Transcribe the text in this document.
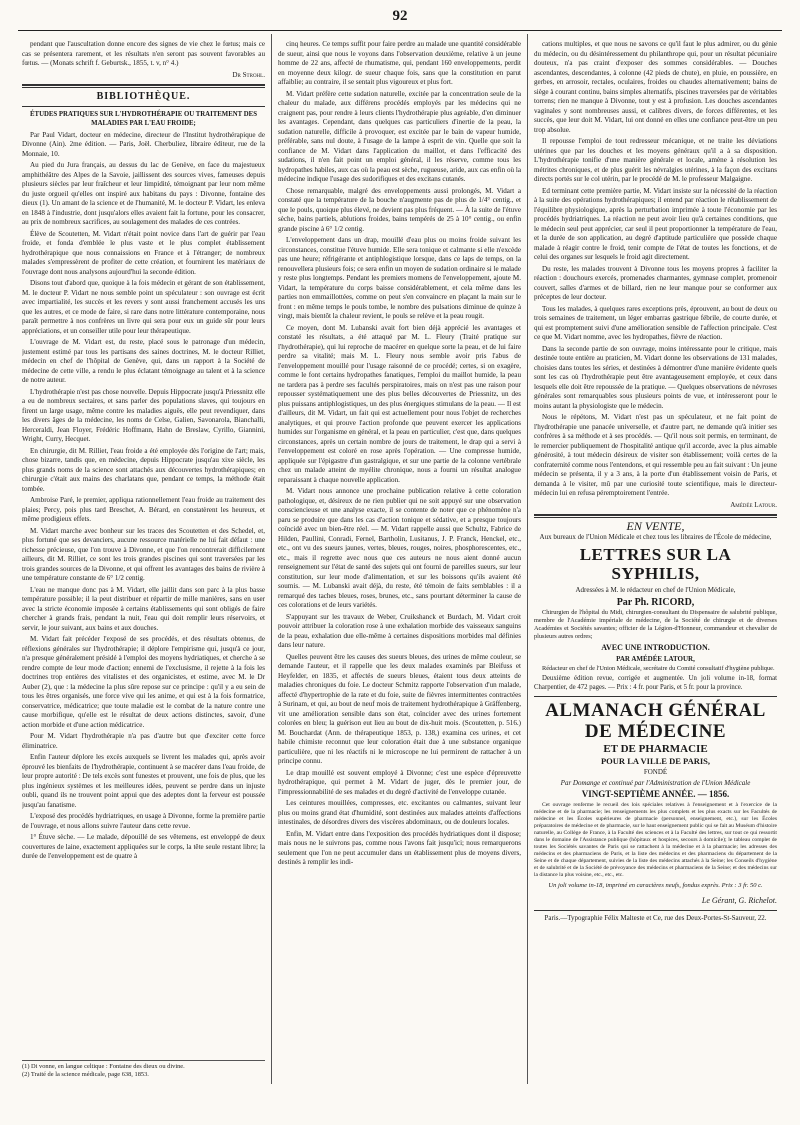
92

pendant que l'auscultation donne encore des signes de vie chez le fœtus; mais ce cas se présentera rarement, et les résultats n'en seront pas souvent favorables au fœtus. — (Monats schrift f. Geburtsk., 1855, t. v, n° 4.)

Dr Strohl.

BIBLIOTHÈQUE.
ÉTUDES PRATIQUES SUR L'HYDROTHÉRAPIE OU TRAITEMENT DES MALADIES PAR L'EAU FROIDE;

Par Paul Vidart, docteur en médecine, directeur de l'Institut hydrothérapique de Divonne (Ain). 2me édition. — Paris, Joël. Cherbuliez, libraire éditeur, rue de la Monnaie, 10.

Au pied du Jura français, au dessus du lac de Genève, en face du majestueux amphithéâtre des Alpes de la Savoie, jaillissent des sources vives, fameuses depuis plusieurs siècles par leur fraîcheur et leur limpidité, témoignant par leur nom même du juste orgueil qu'elles ont inspiré aux habitans du pays : Divonne, fontaine des dieux (1). Un amant de la science et de l'humanité, M. le docteur P. Vidart, les enleva en 1848 à l'industrie, dont jusqu'alors elles avaient fait la fortune, pour les consacrer, au prix de nombreux sacrifices, au soulagement des malades de ces contrées.

Élève de Scoutetten, M. Vidart n'était point novice dans l'art de guérir par l'eau froide, et fonda d'emblée le plus vaste et le plus complet établissement hydrothérapique que nous connaissions en France et à l'étranger; de nombreux malades s'empressèrent de profiter de cette création, et fournirent les matériaux de l'ouvrage dont nous analysons aujourd'hui la seconde édition.

Disons tout d'abord que, quoique à la fois médecin et gérant de son établissement, M. le docteur P. Vidart ne nous semble point un spéculateur : son ouvrage est écrit avec impartialité, les succès et les revers y sont aussi franchement accusés les uns que les autres, et ce mode de faire, si rare dans notre littérature contemporaine, nous paraît permettre à nos confrères un livre qui sera pour eux un guide sûr pour leurs appréciations, et un conseiller utile pour leur thérapeutique.

L'ouvrage de M. Vidart est, du reste, placé sous le patronage d'un médecin, justement estimé par tous les partisans des saines doctrines, M. le docteur Rilliet, médecin en chef de l'hôpital de Genève, qui, dans un rapport à la Société de médecine de cette ville, a rendu le plus éclatant témoignage au talent et à la science de notre auteur.

L'hydrothérapie n'est pas chose nouvelle. Depuis Hippocrate jusqu'à Priessnitz elle a eu de nombreux sectaires, et sans parler des populations slaves, qui toujours en firent un large usage, même contre les maladies aiguës, elle peut revendiquer, dans les divers âges de la médecine, les noms de Celse, Galien, Savonarola, Bianchalli, Herceraldi, Jean Floyer, Frédéric Hoffmann, Hahn de Breslaw, Cyrillo, Giannini, Wright, Curry, Hecquet.

En chirurgie, dit M. Rilliet, l'eau froide a été employée dès l'origine de l'art; mais, chose bizarre, tandis que, en médecine, depuis Hippocrate jusqu'au xixe siècle, les plus grands noms de la science sont attachés aux découvertes hydrothérapiques; en chirurgie c'était aux mains des charlatans que, pendant ce temps, la méthode était tombée.

Ambroise Paré, le premier, appliqua rationnellement l'eau froide au traitement des plaies; Percy, pois plus tard Breschet, A. Bérard, en constatèrent les heureux, et même prodigieux effets.

M. Vidart marche avec bonheur sur les traces des Scoutetten et des Schedel, et, plus fortuné que ses devanciers, aucune ressource matérielle ne lui fait défaut : une richesse précieuse, que l'on trouve à Divonne, et que l'on rencontrerait difficilement ailleurs, dit M. Rilliet, ce sont les trois grandes piscines qui sont traversées par les trois grandes sources de la Divonne, et qui offrent les avantages des bains de rivière à une température constante de 6° 1/2 centig.

L'eau ne manque donc pas à M. Vidart, elle jaillit dans son parc à la plus basse température possible; il la peut distribuer et répartir de mille manières, sans en user avec la stricte économie imposée à certains établissements qui sont obligés de faire chercher à grands frais, pendant la nuit, l'eau qui doit remplir leurs réservoirs, et servir, le jour suivant, aux bains et aux douches.

M. Vidart fait précéder l'exposé de ses procédés, et des résultats obtenus, de réflexions générales sur l'hydrothérapie; il déplore l'empirisme qui, jusqu'à ce jour, n'a presque généralement présidé à l'emploi des moyens hydriatiques, et cherche à se rendre compte de leur mode d'action; ennemi de l'exclusisme, il rejette à la fois les doctrines trop entières des vitalistes et des organicistes, et estime, avec M. le Dr Auber (2), que : la médecine la plus sûre repose sur ce principe : qu'il y a eu sein de tous les êtres organisés, une force vive qui les anime, et qui est à la fois formatrice, conservatrice, médicatrice; que toute maladie est le combat de la nature contre une cause morbifique, qu'elle est le résultat de deux actions distinctes, savoir, d'une action morbide et d'une action médicatrice.

Pour M. Vidart l'hydrothérapie n'a pas d'autre but que d'exciter cette force éliminatrice.

Enfin l'auteur déplore les excès auxquels se livrent les malades qui, après avoir éprouvé les bienfaits de l'hydrothérapie, continuent à se macérer dans l'eau froide, de leur propre autorité : De tels excès sont funestes et prouvent, une fois de plus, que les plus ingénieux systèmes et les meilleures idées, peuvent se perdre dans un injuste oubli, quand ils ne trouvent point appui que des adeptes dont la ferveur est poussée jusqu'au fanatisme.

L'exposé des procédés hydriatriques, en usage à Divonne, forme la première partie de l'ouvrage, et nous allons suivre l'auteur dans cette revue.

1° Étuve sèche. — Le malade, dépouillé de ses vêtemens, est enveloppé de deux couvertures de laine, exactement appliquées sur le corps, la tête seule restant libre; la durée de l'enveloppement est de quatre à

(1) Di vonne, en langue celtique : Fontaine des dieux ou divine.
(2) Traité de la science médicale, page 638, 1853.

cinq heures. Ce temps suffit pour faire perdre au malade une quantité considérable de sueur, ainsi que nous le voyons dans l'observation deuxième, relative à un jeune homme de 22 ans, affecté de rhumatisme, qui, pendant 160 enveloppements, perdit en moyenne deux kilogr. de sueur chaque fois, sans que la constitution en parut affaiblie; au contraire, il se sentait plus vigoureux et plus fort.

M. Vidart préfère cette sudation naturelle, excitée par la concentration seule de la chaleur du malade, aux différens procédés employés par les médecins qui ne craignent pas, pour rendre à leurs clients l'hydrothérapie plus agréable, d'en diminuer les avantages. Cependant, dans quelques cas particuliers d'inertie de la peau, la sudation naturelle, difficile à provoquer, est excitée par le bain de vapeur humide, préférable, sans nul doute, à l'usage de la lampe à esprit de vin. Quelle que soit la confiance de M. Vidart dans l'application du maillot, et dans l'efficacité des sudations, il n'en fait point un emploi général, il les réserve, comme tous les hydropathes habiles, aux cas où la peau est sèche, rugueuse, aride, aux cas enfin où la médecine indique l'usage des sudorifiques et des excitans cutanés.

Chose remarquable, malgré des enveloppements aussi prolongés, M. Vidart a constaté que la température de la bouche n'augmente pas de plus de 1/4° centig., et que le pouls, quoique plus élevé, ne devient pas plus fréquent. — À la suite de l'étuve sèche, bains partiels, ablutions froides, bains tempérés de 25 à 10° centig., ou enfin grande piscine à 6° 1/2 centig.

L'enveloppement dans un drap, mouillé d'eau plus ou moins froide suivant les circonstances, constitue l'étuve humide. Elle sera tonique et calmante si elle n'excède pas une heure; réfrigérante et antiphlogistique lorsque, dans ce laps de temps, on la renouvellera plusieurs fois; ce sera enfin un moyen de sudation ordinaire si le malade y reste plus longtemps. Pendant les premiers momens de l'enveloppement, ajoute M. Vidart, la température du corps baisse considérablement, et cela même dans les parties non emmaillottées, comme on peut s'en convaincre en plaçant la main sur le front : en même temps le pouls tombe, le nombre des pulsations diminue de quinze à vingt, mais bientôt la chaleur revient, le pouls se relève et la peau rougit.

Ce moyen, dont M. Lubanski avait fort bien déjà apprécié les avantages et constaté les résultats, a été attaqué par M. L. Fleury (Traité pratique sur l'hydrothérapie), qui lui reproche de macérer en quelque sorte la peau, et de lui faire perdre sa vitalité; mais M. L. Fleury nous semble avoir pris l'abus de l'enveloppement mouillé pour l'usage raisonné de ce procédé; certes, si on exagère, comme le font certains hydropathes fanatiques, l'emploi du maillot humide, la peau ne tardera pas à perdre ses facultés perspiratoires, mais on n'est pas une raison pour repousser systématiquement une des plus belles découvertes de Priessnitz, un des plus puissans antiphlogistiques, un des plus énergiques stimulans de la peau. — Il est d'ailleurs, dit M. Vidart, un fait qui est actuellement pour nous l'objet de recherches analytiques, et qui prouve l'action profonde que peuvent exercer les applications humides sur l'organisme en général, et la peau en particulier, c'est que, dans quelques circonstances, après un certain nombre de jours de traitement, le drap qui a servi à l'enveloppement est coloré en rose après l'opération. — Une compresse humide, appliquée sur l'épigastre d'un gastralgique, et sur une partie de la colonne vertébrale chez un malade atteint de myélite chronique, nous a fourni un résultat analogue reparaissant à chaque nouvelle application.

M. Vidart nous annonce une prochaine publication relative à cette coloration pathologique, et, désireux de ne rien publier qui ne soit appuyé sur une observation consciencieuse et une analyse exacte, il se contente de noter que ce phénomène n'a paru se produire que dans les cas d'action tonique et sédative, et a presque toujours coïncidé avec un bien-être réel. — M. Vidart rappelle aussi que Schultz, Fabrice de Hilden, Paullini, Conradi, Fernel, Bartholin, Lusitanus, J. P. Franck, Henckel, etc., etc., ont vu des sueurs jaunes, vertes, bleues, rouges, noires, phosphorescentes, etc., etc., mais il regrette avec nous que ces auteurs ne nous aient donné aucun renseignement sur l'état de santé des sujets qui ont fourni de pareilles sueurs, sur leur constitution, sur leur mode d'alimentation, et sur les boissons qu'ils avaient été soumis. — M. Lubanski avait déjà, du reste, été témoin de faits semblables : il a remarqué des taches bleues, roses, brunes, etc., sans pourtant déterminer la cause de ces colorations et de leurs variétés.

S'appuyant sur les travaux de Weber, Cruikshanck et Burdach, M. Vidart croit pouvoir attribuer la coloration rose à une exhalation morbide des vaisseaux sanguins de la peau, exhalation due elle-même à certaines dispositions morbides mal définies dans leur nature.

Quelles peuvent être les causes des sueurs bleues, des urines de même couleur, se demande l'auteur, et il rappelle que les deux malades examinés par Bleifuss et Heyfelder, en 1835, et affectés de sueurs bleues, étaient tous deux atteints de maladies chroniques du foie. Le docteur Schmitz rapporte l'observation d'un malade, affecté d'hypertrophie de la rate et du foie, suite de fièvres intermittentes contractées à Surinam, et qui, au bout de neuf mois de traitement hydrothérapique à Gräffenberg, vit une amélioration sensible dans son état, coïncider avec des urines fortement colorées en bleu; la guérison eut lieu au bout de dix-huit mois. (Scoutetten, p. 516.) M. Bouchardat (Ann. de thérapeutique 1853, p. 138,) examina ces urines, et cet habile chimiste reconnut que leur coloration était due à une substance organique particulière, que ni les réactifs ni le microscope ne lui permirent de rattacher à un principe connu.

Le drap mouillé est souvent employé à Divonne; c'est une espèce d'épreuvette hydrothérapique, qui permet à M. Vidart de juger, dès le premier jour, de l'impressionnabilité de ses malades et du degré d'activité de l'enveloppe cutanée.

Les ceintures mouillées, compresses, etc. excitantes ou calmantes, suivant leur plus ou moins grand état d'humidité, sont destinées aux malades atteints d'affections intestinales, de désordres divers des viscères abdominaux, ou de douleurs locales.

Enfin, M. Vidart entre dans l'exposition des procédés hydriatiques dont il dispose; mais nous ne le suivrons pas, comme nous l'avons fait jusqu'ici; nous remarquerons seulement que l'on ne peut accumuler dans un établissement plus de moyens divers, destinés à remplir les indi-

cations multiples, et que nous ne savons ce qu'il faut le plus admirer, ou du génie du médecin, ou du désintéressement du philanthrope qui, pour un résultat pécuniaire douteux, n'a pas craint d'exposer des sommes considérables. — Douches ascendantes, descendantes, à colonne (42 pieds de chute), en pluie, en poussière, en gerbes, en arrosoir, rectales, oculaires, froides ou chaudes alternativement; bains de siège à courant continu, bains simples alternatifs, piscines traversées par de véritables torrens; rien ne manque à Divonne, tout y est à profusion. Les douches ascendantes vaginales y sont nombreuses aussi, et calibres divers, de forces différentes, et les succès, que leur doit M. Vidart, lui ont donné en elles une confiance peut-être un peu trop absolue.

Il repousse l'emploi de tout redresseur mécanique, et ne traite les déviations utérines que par les douches et les moyens généraux qu'il a à sa disposition. L'hydrothérapie tonifie d'une manière générale et locale, amène à résolution les métrites chroniques, et de plus guérit les névralgies utérines, à la façon des excitans directs portés sur le col utérin, par le procédé de M. le professeur Malgaigne.

Ed terminant cette première partie, M. Vidart insiste sur la nécessité de la réaction à la suite des opérations hydrothérapiques; il entend par réaction le rétablissement de l'équilibre physiologique, après la perturbation imprimée à toute l'économie par les procédés hydriatriques. La réaction ne peut avoir lieu qu'à certaines conditions, que le médecin seul peut apprécier, car seul il peut proportionner la température de l'eau, et la durée de son application, au degré d'aptitude particulière que possède chaque malade à réagir contre le froid, tenir compte de l'état de toutes les fonctions, et de celui des organes sur lesquels le froid agit directement.

Du reste, les malades trouvent à Divonne tous les moyens propres à faciliter la réaction : douchours exercés, promenades charmantes, gymnase complet, promenoir couvert, salles d'armes et de billard, rien ne leur manque pour se conformer aux préceptes de leur docteur.

Tous les malades, à quelques rares exceptions près, éprouvent, au bout de deux ou trois semaines de traitement, un léger embarras gastrique fébrile, de courte durée, et qui est promptement suivi d'une amélioration sensible de l'affection principale. C'est ce que M. Vidart nomme, avec les hydropathes, fièvre de réaction.

Dans la seconde partie de son ouvrage, moins intéressante pour le critique, mais destinée toute entière au praticien, M. Vidart donne les observations de 131 malades, choisies dans toutes les séries, et destinées à démontrer d'une manière évidente quels sont les cas où l'hydrothérapie peut être avantageusement employée, et ceux dans lesquels elle doit être repoussée de la pratique. — Quelques observations de névroses générales sont remarquables sous plusieurs points de vue, et intéresseront pour le moins autant la physiologiste que le médecin.

Nous le répétons, M. Vidart n'est pas un spéculateur, et ne fait point de l'hydrothérapie une panacée universelle, et d'autre part, ne demande qu'à initier ses confrères à sa méthode et à ses procédés. — Qu'il nous soit permis, en terminant, de le remercier publiquement de l'hospitalité antique qu'il accorde, avec la plus aimable générosité, à tout médecin désireux de visiter son établissement; voilà certes de la confraternité comme nous l'entendons, et qui ressemble peu au fait suivant : Un jeune médecin se présenta, il y a 3 ans, à la porte d'un établissement voisin de Paris, et demanda à le visiter, mû par une curiosité toute scientifique, mais le directeur-médecin lui en refusa péremptoirement l'entrée.

Amédée Latour.

EN VENTE,
Aux bureaux de l'Union Médicale et chez tous les libraires de l'École de médecine,
LETTRES SUR LA SYPHILIS,
Adressées à M. le rédacteur en chef de l'Union Médicale,
Par Ph. RICORD,

Chirurgien de l'hôpital du Midi, chirurgien-consultant du Dispensaire de salubrité publique, membre de l'Académie impériale de médecine, de la Société de chirurgie et de diverses Académies et Sociétés savantes; officier de la Légion-d'Honneur, commandeur et chevalier de plusieurs autres ordres;

AVEC UNE INTRODUCTION.
PAR AMÉDÉE LATOUR,

Rédacteur en chef de l'Union Médicale, secrétaire du Comité consultatif d'hygiène publique.

Deuxième édition revue, corrigée et augmentée. Un joli volume in-18, format Charpentier, de 472 pages. — Prix : 4 fr. pour Paris, et 5 fr. pour la province.

ALMANACH GÉNÉRAL DE MÉDECINE
ET DE PHARMACIE
POUR LA VILLE DE PARIS,
FONDÉ
Par Domange et continué par l'Administration de l'Union Médicale
VINGT-SEPTIÈME ANNÉE. — 1856.

Cet ouvrage renferme le recueil des lois spéciales relatives à l'enseignement et à l'exercice de la médecine et de la pharmacie; les renseignements les plus complets et les plus exacts sur les Facultés de médecine et les Écoles supérieures de pharmacie (personnel, enseignement, etc.), sur les Écoles préparatoires de médecine et de pharmacie, sur le haut enseignement public qui se fait au Muséum d'histoire naturelle, au Collège de France, à la Faculté des sciences et à la Faculté des lettres, sur tout ce qui ressortit dans le domaine de l'Assistance publique (hôpitaux et hospices, secours à domicile); le tableau complet de toutes les Sociétés savantes de Paris qui se rattachent à la médecine et à la pharmacie; les adresses des médecins et des pharmaciens de Paris, et la liste des médecins et des pharmaciens du département de la Seine et de chaque département, suivies de la liste des médecins attachés à la Seine; les Conseils d'hygiène et de salubrité et de la Société de prévoyance des médecins et pharmaciens de la Seine; et des médecins sur la distance la plus voisine, etc., etc., etc.

Un joli volume in-18, imprimé en caractères neufs, fondus exprès. Prix : 3 fr. 50 c.

Le Gérant, G. Richelot.
Paris.—Typographie Félix Malteste et Ce, rue des Deux-Portes-St-Sauveur, 22.
